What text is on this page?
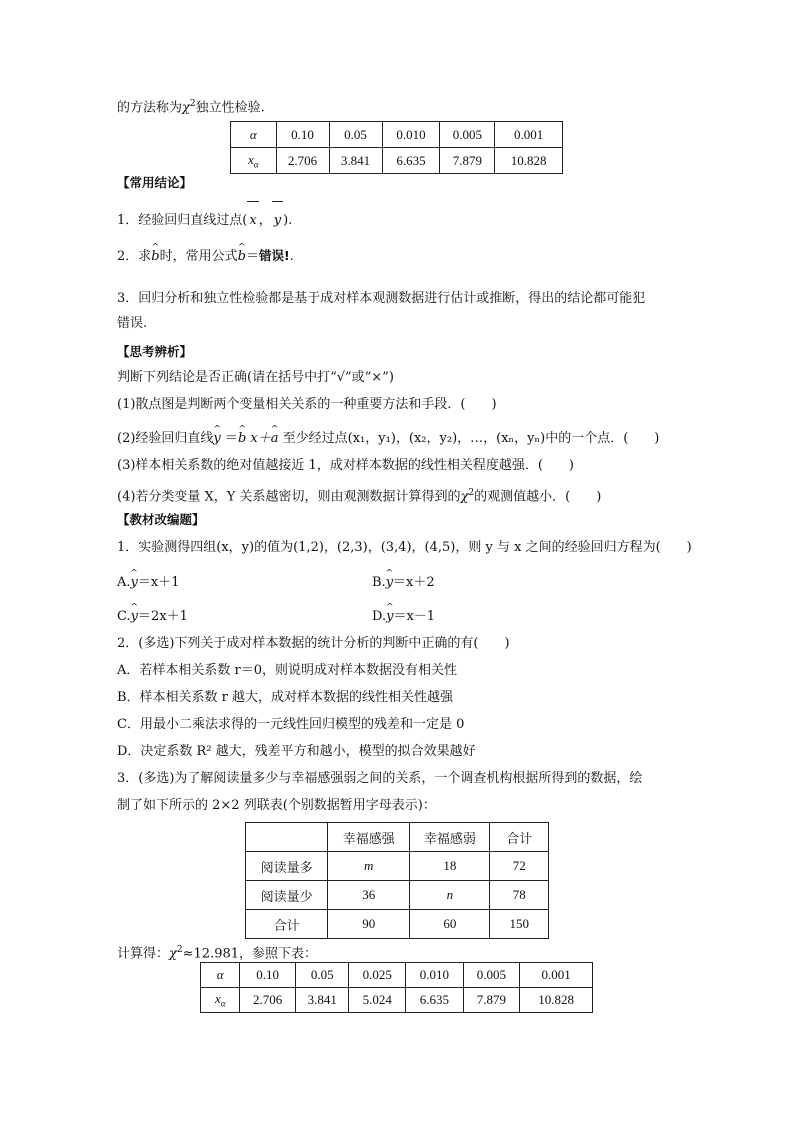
的方法称为$\chi^2$独立性检验.
α	0.10	0.05	0.010	0.005	0.001
$x_\alpha$	2.706	3.841	6.635	7.879	10.828
【常用结论】
1．经验回归直线过点( x ， y ).
2．求^ b时，常用公式^ b＝错误!.
3．回归分析和独立性检验都是基于成对样本观测数据进行估计或推断，得出的结论都可能犯
错误.
【思考辨析】
判断下列结论是否正确(请在括号中打“√”或“×”)
(1)散点图是判断两个变量相关关系的一种重要方法和手段．(　　)
(2)经验回归直线^ y ＝^ b x＋^ a 至少经过点(x₁，y₁)，(x₂，y₂)，…，(xₙ，yₙ)中的一个点．(　　)
(3)样本相关系数的绝对值越接近 1，成对样本数据的线性相关程度越强．(　　)
(4)若分类变量 X，Y 关系越密切，则由观测数据计算得到的$\chi^2$的观测值越小．(　　)
【教材改编题】
1．实验测得四组(x，y)的值为(1,2)，(2,3)，(3,4)，(4,5)，则 y 与 x 之间的经验回归方程为(　　)
A.^ y＝x＋1	B.^ y＝x＋2
C.^ y＝2x＋1	D.^ y＝x－1
2．(多选)下列关于成对样本数据的统计分析的判断中正确的有(　　)
A．若样本相关系数 r＝0，则说明成对样本数据没有相关性
B．样本相关系数 r 越大，成对样本数据的线性相关性越强
C．用最小二乘法求得的一元线性回归模型的残差和一定是 0
D．决定系数 R² 越大，残差平方和越小，模型的拟合效果越好
3．(多选)为了解阅读量多少与幸福感强弱之间的关系，一个调查机构根据所得到的数据，绘
制了如下所示的 2×2 列联表(个别数据暂用字母表示)：
	幸福感强	幸福感弱	合计
阅读量多	m	18	72
阅读量少	36	n	78
合计	90	60	150
计算得：$\chi^2\approx 12.981$，参照下表：
α	0.10	0.05	0.025	0.010	0.005	0.001
$x_\alpha$	2.706	3.841	5.024	6.635	7.879	10.828
